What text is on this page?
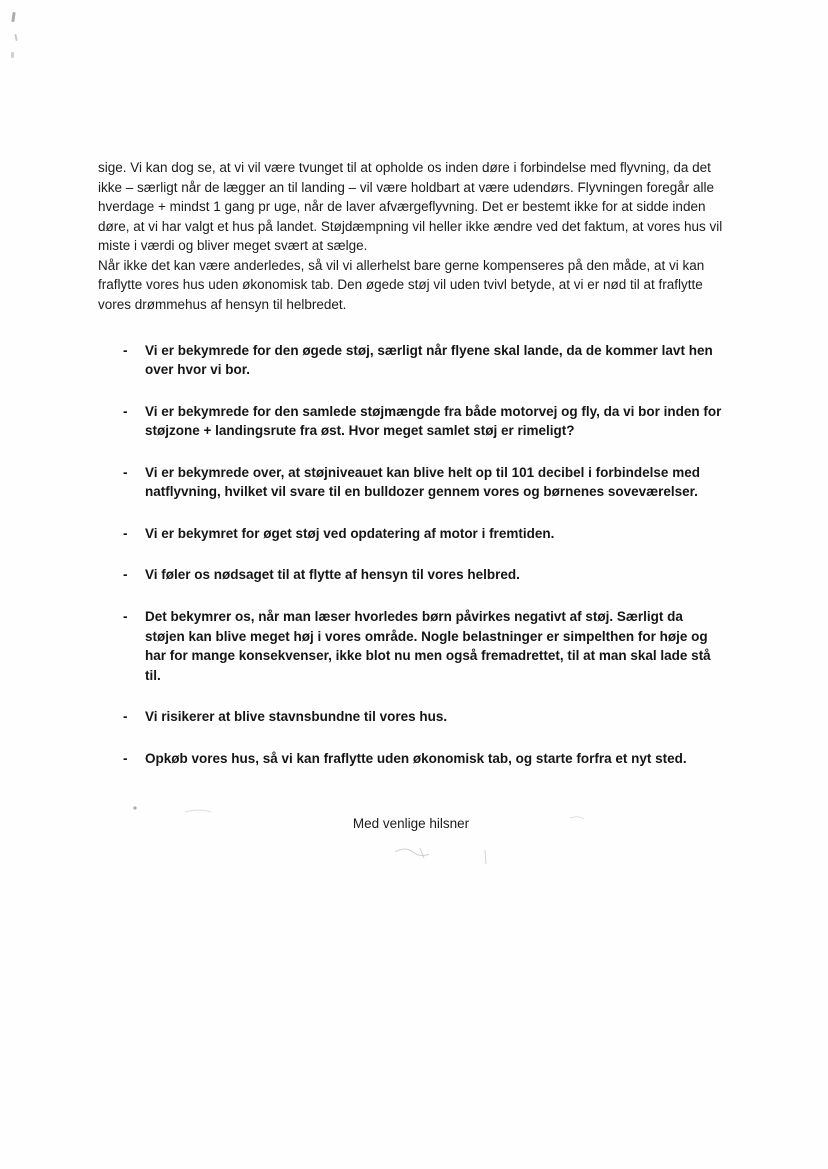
sige. Vi kan dog se, at vi vil være tvunget til at opholde os inden døre i forbindelse med flyvning, da det ikke – særligt når de lægger an til landing – vil være holdbart at være udendørs. Flyvningen foregår alle hverdage + mindst 1 gang pr uge, når de laver afværgeflyvning. Det er bestemt ikke for at sidde inden døre, at vi har valgt et hus på landet. Støjdæmpning vil heller ikke ændre ved det faktum, at vores hus vil miste i værdi og bliver meget svært at sælge.

Når ikke det kan være anderledes, så vil vi allerhelst bare gerne kompenseres på den måde, at vi kan fraflytte vores hus uden økonomisk tab. Den øgede støj vil uden tvivl betyde, at vi er nød til at fraflytte vores drømmehus af hensyn til helbredet.

- Vi er bekymrede for den øgede støj, særligt når flyene skal lande, da de kommer lavt hen over hvor vi bor.
- Vi er bekymrede for den samlede støjmængde fra både motorvej og fly, da vi bor inden for støjzone + landingsrute fra øst. Hvor meget samlet støj er rimeligt?
- Vi er bekymrede over, at støjniveauet kan blive helt op til 101 decibel i forbindelse med natflyvning, hvilket vil svare til en bulldozer gennem vores og børnenes soveværelser.
- Vi er bekymret for øget støj ved opdatering af motor i fremtiden.
- Vi føler os nødsaget til at flytte af hensyn til vores helbred.
- Det bekymrer os, når man læser hvorledes børn påvirkes negativt af støj. Særligt da støjen kan blive meget høj i vores område. Nogle belastninger er simpelthen for høje og har for mange konsekvenser, ikke blot nu men også fremadrettet, til at man skal lade stå til.
- Vi risikerer at blive stavnsbundne til vores hus.
- Opkøb vores hus, så vi kan fraflytte uden økonomisk tab, og starte forfra et nyt sted.

Med venlige hilsner
